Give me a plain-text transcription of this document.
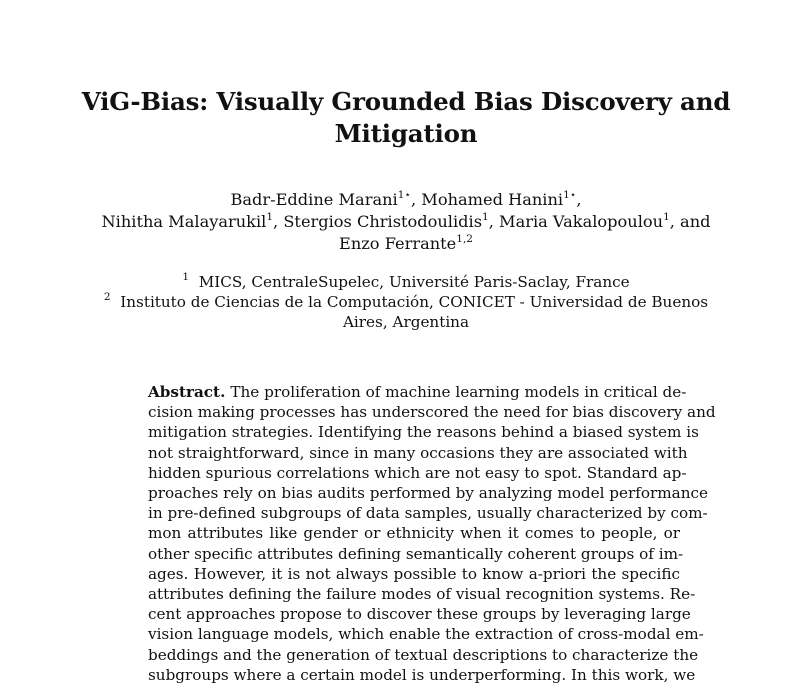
ViG-Bias: Visually Grounded Bias Discovery and
Mitigation
Badr-Eddine Marani$^{1⋆}$, Mohamed Hanini$^{1⋆}$,
Nihitha Malayarukil$^1$, Stergios Christodoulidis$^1$, Maria Vakalopoulou$^1$, and
Enzo Ferrante$^{1,2}$
$^1$ MICS, CentraleSupelec, Université Paris-Saclay, France
$^2$ Instituto de Ciencias de la Computación, CONICET - Universidad de Buenos
Aires, Argentina
Abstract. The proliferation of machine learning models in critical de-
cision making processes has underscored the need for bias discovery and
mitigation strategies. Identifying the reasons behind a biased system is
not straightforward, since in many occasions they are associated with
hidden spurious correlations which are not easy to spot. Standard ap-
proaches rely on bias audits performed by analyzing model performance
in pre-defined subgroups of data samples, usually characterized by com-
mon attributes like gender or ethnicity when it comes to people, or
other specific attributes defining semantically coherent groups of im-
ages. However, it is not always possible to know a-priori the specific
attributes defining the failure modes of visual recognition systems. Re-
cent approaches propose to discover these groups by leveraging large
vision language models, which enable the extraction of cross-modal em-
beddings and the generation of textual descriptions to characterize the
subgroups where a certain model is underperforming. In this work, we
